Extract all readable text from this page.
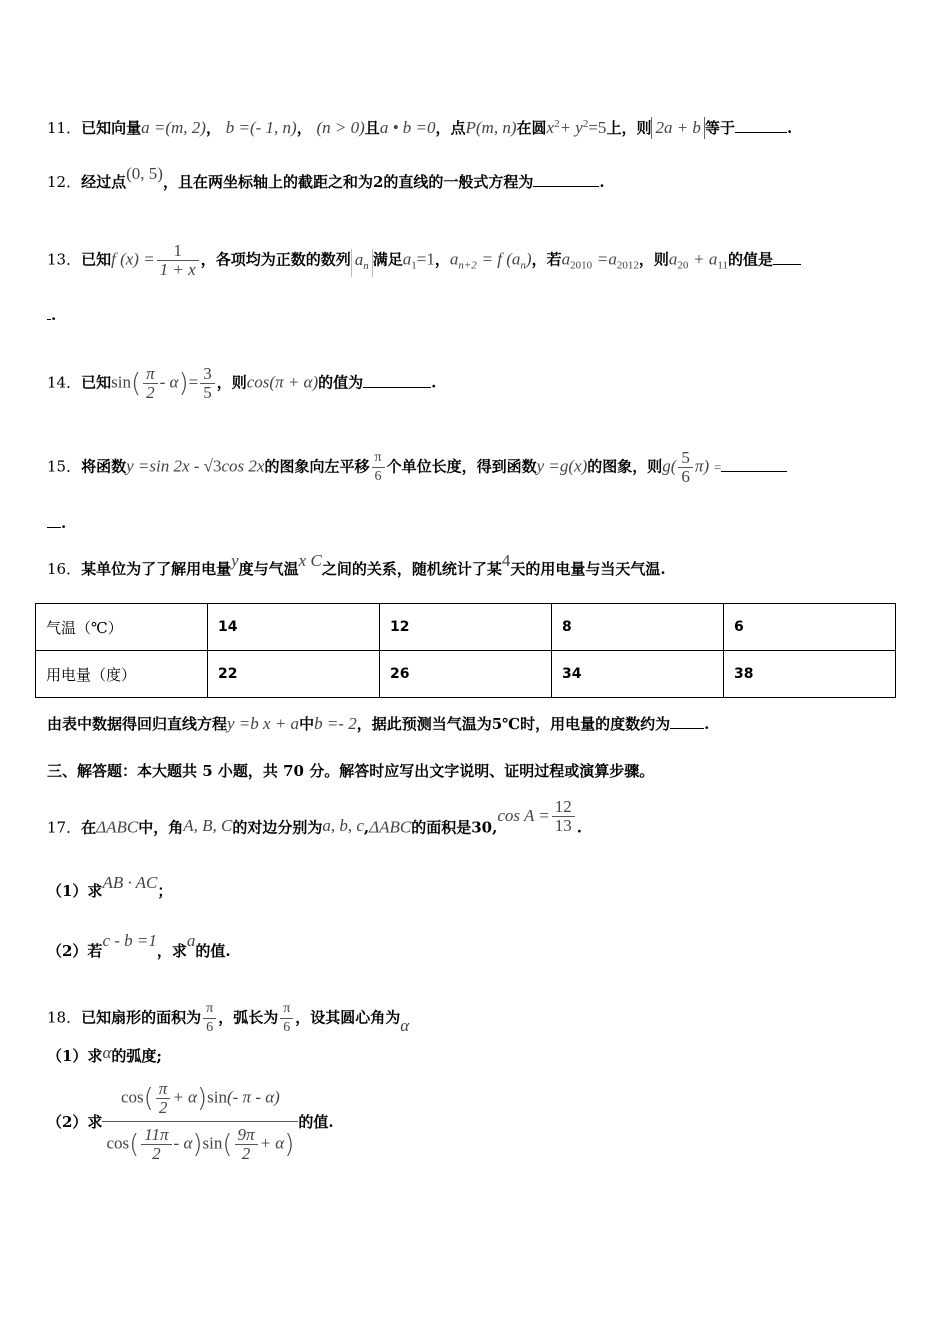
11．已知向量a =(m, 2)， b =(- 1, n)， (n > 0)且a • b =0，点P(m, n)在圆$x^2+ y^2=5$上，则 2a + b 等于	.
12．经过点(0, 5)，且在两坐标轴上的截距之和为2的直线的一般式方程为	.
13．已知f $(x) = \frac{1}{1 + x}$ ，各项均为正数的数列 $a_n$ 满足$a_1=1$，$a_{n+2} = f$ $(a_n)$，若$a_{2010} =a_{2012}$，则$a_{20} + a_{11}$的值是
.
14．已知$\sin( \frac{\pi}{2} - \alpha)= \frac{3}{5}$ ，则cos(π + α)的值为	.
15．将函数y =sin 2x - √3cos 2x的图象向左平移 $\frac{\pi}{6}$ 个单位长度，得到函数y =g(x)的图象，则$g( \frac{5}{6} \pi)$ =
.
16．某单位为了了解用电量y度与气温x C之间的关系，随机统计了某4天的用电量与当天气温.
气温（℃）	14	12	8	6
用电量（度）	22	26	34	38
由表中数据得回归直线方程y =b x + a中b =- 2，据此预测当气温为5℃时，用电量的度数约为 .
三、解答题：本大题共 5 小题，共 70 分。解答时应写出文字说明、证明过程或演算步骤。
17．在ΔABC中，角A, B, C的对边分别为a, b, c,ΔABC的面积是30,cos $A = \frac{12}{13}$ .
（1）求AB · AC；
（2）若c - b =1，求a的值.
18．已知扇形的面积为 $\frac{\pi}{6}$ ，弧长为 $\frac{\pi}{6}$ ，设其圆心角为α
（1）求α的弧度;
（2）求 $\frac{\cos( \frac{\pi}{2} + \alpha)\sin(- \pi - \alpha)}{\cos( \frac{11\pi}{2} - \alpha)\sin( \frac{9\pi}{2} + \alpha)}$ 的值.
